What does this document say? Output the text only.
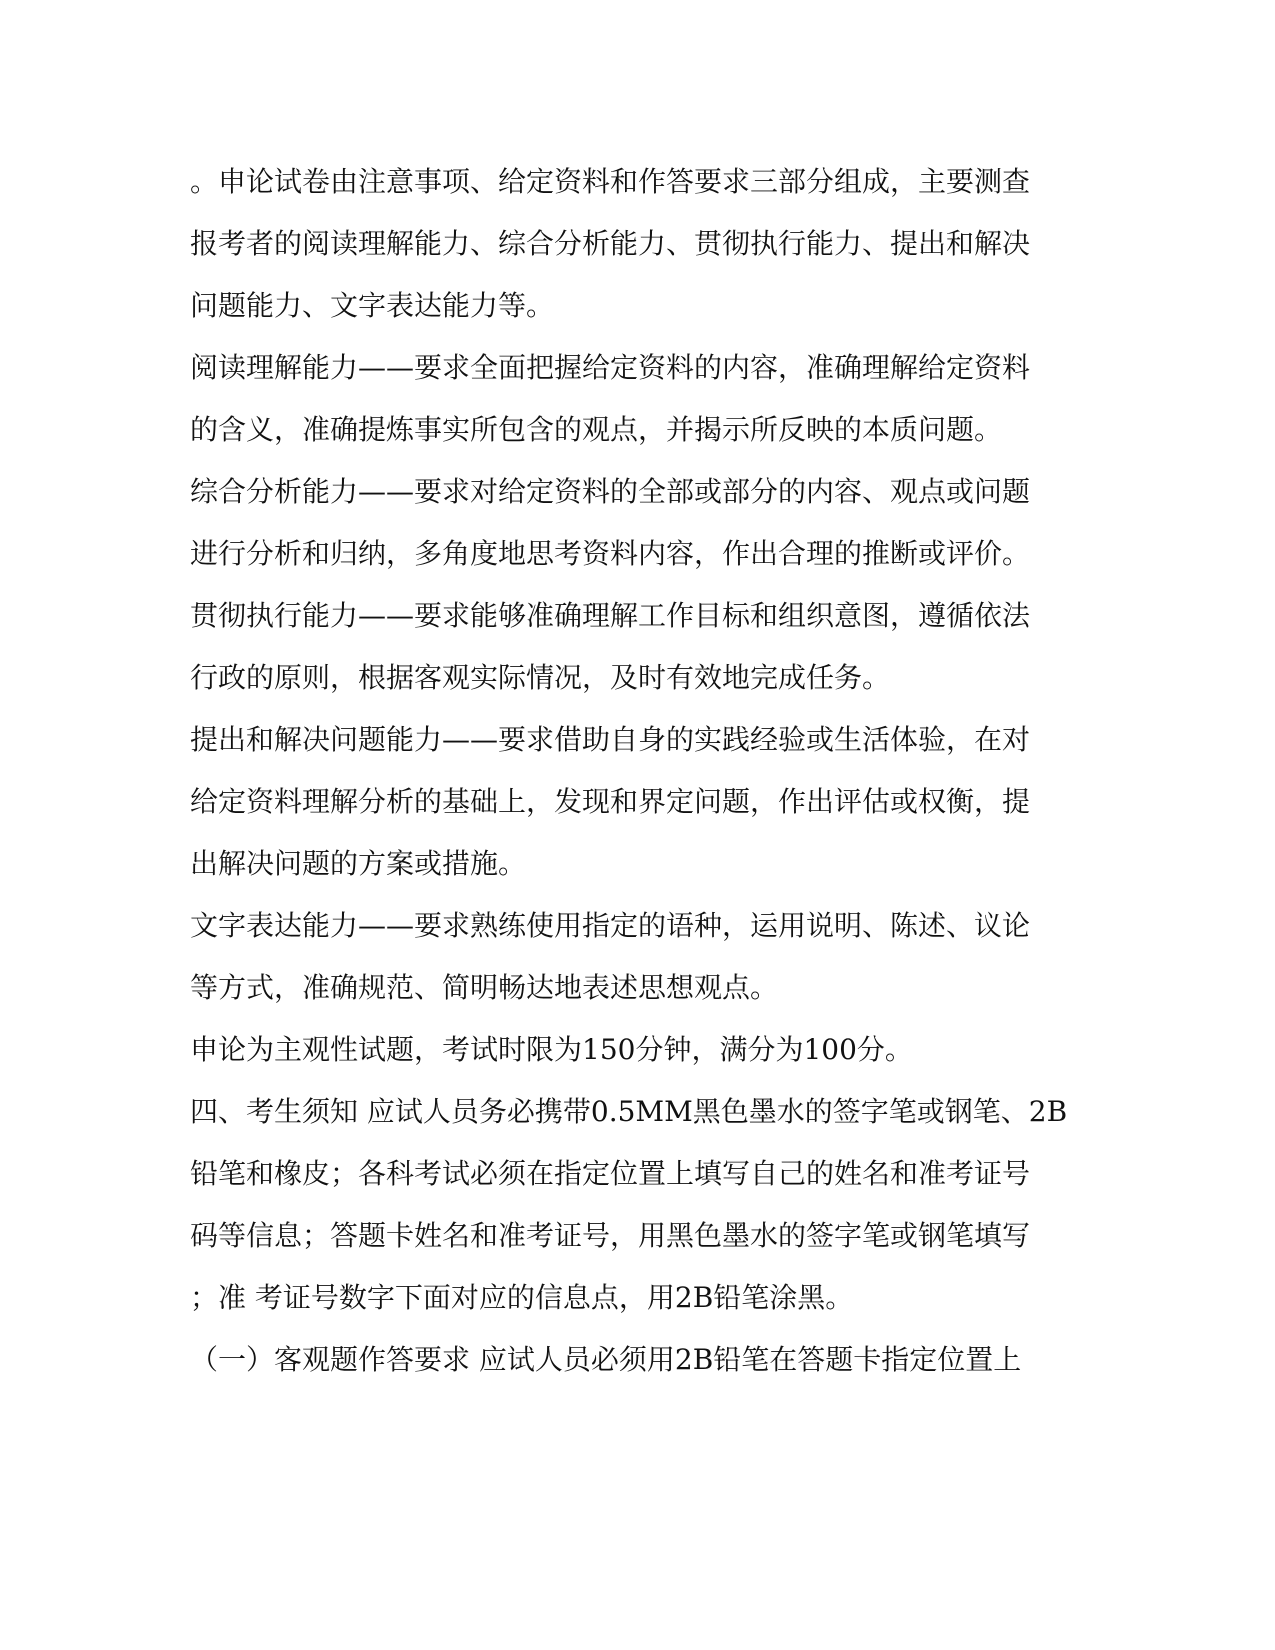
。申论试卷由注意事项、给定资料和作答要求三部分组成，主要测查

报考者的阅读理解能力、综合分析能力、贯彻执行能力、提出和解决

问题能力、文字表达能力等。

阅读理解能力——要求全面把握给定资料的内容，准确理解给定资料

的含义，准确提炼事实所包含的观点，并揭示所反映的本质问题。

综合分析能力——要求对给定资料的全部或部分的内容、观点或问题

进行分析和归纳，多角度地思考资料内容，作出合理的推断或评价。

贯彻执行能力——要求能够准确理解工作目标和组织意图，遵循依法

行政的原则，根据客观实际情况，及时有效地完成任务。

提出和解决问题能力——要求借助自身的实践经验或生活体验，在对

给定资料理解分析的基础上，发现和界定问题，作出评估或权衡，提

出解决问题的方案或措施。

文字表达能力——要求熟练使用指定的语种，运用说明、陈述、议论

等方式，准确规范、简明畅达地表述思想观点。

申论为主观性试题，考试时限为150分钟，满分为100分。

四、考生须知 应试人员务必携带0.5MM黑色墨水的签字笔或钢笔、2B

铅笔和橡皮；各科考试必须在指定位置上填写自己的姓名和准考证号

码等信息；答题卡姓名和准考证号，用黑色墨水的签字笔或钢笔填写

；准 考证号数字下面对应的信息点，用2B铅笔涂黑。

（一）客观题作答要求 应试人员必须用2B铅笔在答题卡指定位置上
